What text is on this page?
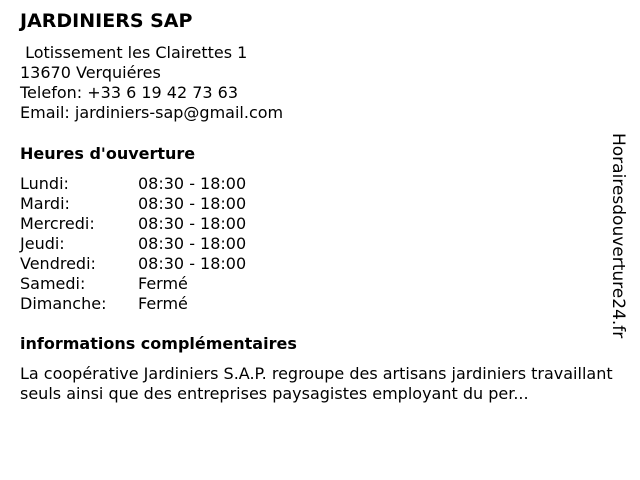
JARDINIERS SAP
Lotissement les Clairettes 1
13670 Verquiéres
Telefon: +33 6 19 42 73 63
Email: jardiniers-sap@gmail.com
Heures d'ouverture
Lundi:	08:30 - 18:00
Mardi:	08:30 - 18:00
Mercredi:	08:30 - 18:00
Jeudi:	08:30 - 18:00
Vendredi:	08:30 - 18:00
Samedi:	Fermé
Dimanche:	Fermé
informations complémentaires
La coopérative Jardiniers S.A.P. regroupe des artisans jardiniers travaillant seuls ainsi que des entreprises paysagistes employant du per...
Horairesdouverture24.fr
